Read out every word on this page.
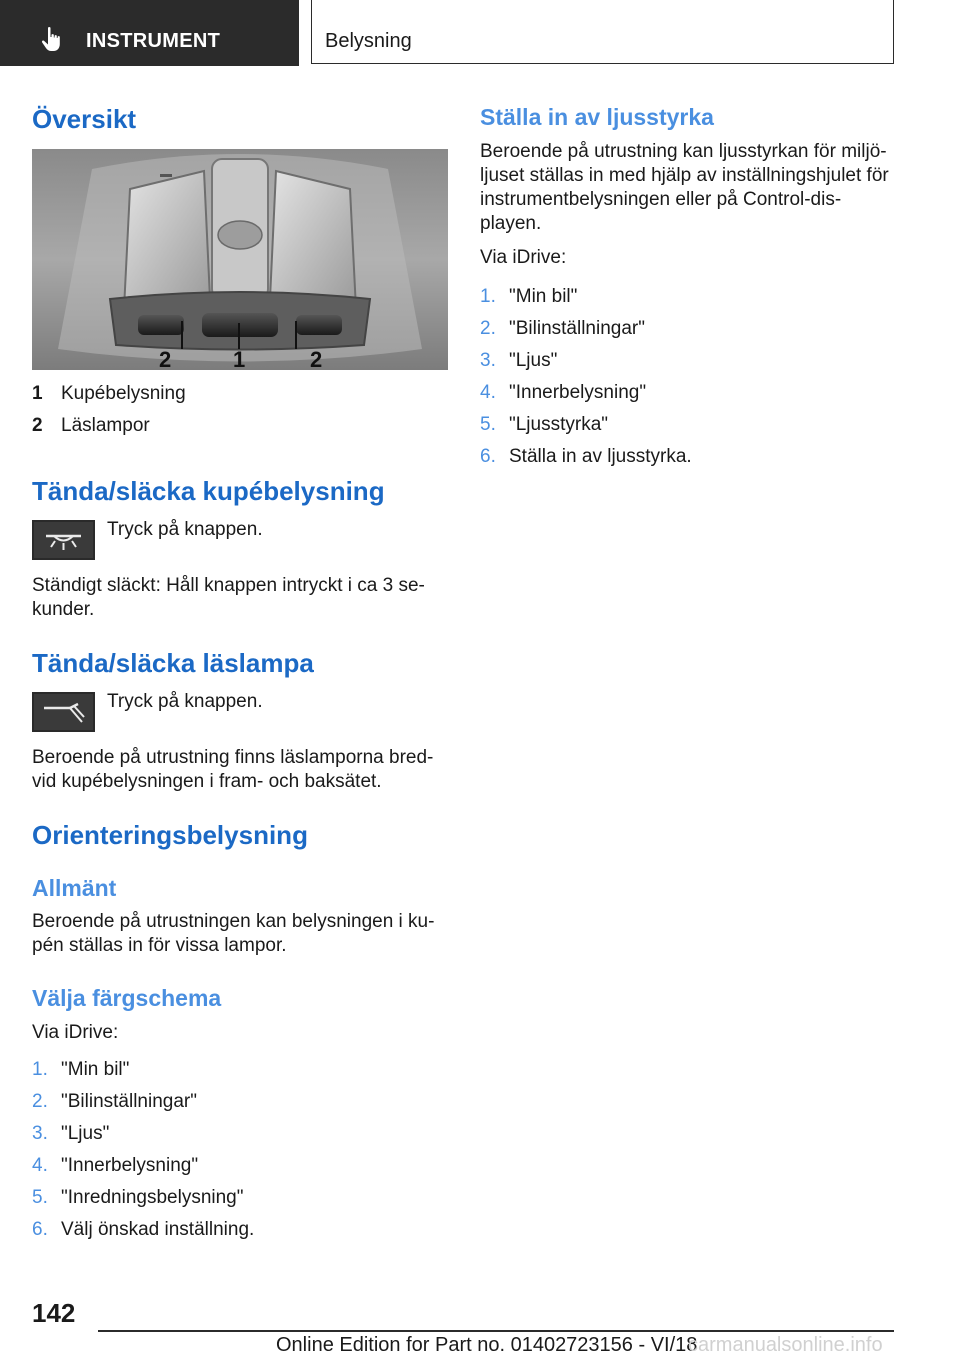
INSTRUMENT	Belysning
Översikt
2	1	2
1 Kupébelysning
2 Läslampor
Tända/släcka kupébelysning

Tryck på knappen.

Ständigt släckt: Håll knappen intryckt i ca 3 se-kunder.

Tända/släcka läslampa

Tryck på knappen.

Beroende på utrustning finns läslamporna bred-vid kupébelysningen i fram- och baksätet.

Orienteringsbelysning
Allmänt

Beroende på utrustningen kan belysningen i ku-pén ställas in för vissa lampor.

Välja färgschema

Via iDrive:

1. "Min bil"
2. "Bilinställningar"
3. "Ljus"
4. "Innerbelysning"
5. "Inredningsbelysning"
6. Välj önskad inställning.
Ställa in av ljusstyrka

Beroende på utrustning kan ljusstyrkan för miljö-ljuset ställas in med hjälp av inställningshjulet för instrumentbelysningen eller på Control-dis-playen.

Via iDrive:

1. "Min bil"
2. "Bilinställningar"
3. "Ljus"
4. "Innerbelysning"
5. "Ljusstyrka"
6. Ställa in av ljusstyrka.
142
Online Edition for Part no. 01402723156 - VI/18
carmanualsonline.info
